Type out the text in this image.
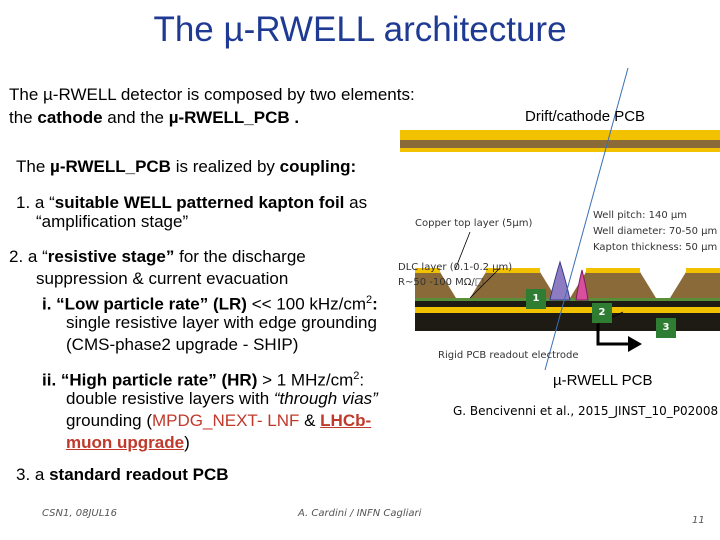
The µ-RWELL architecture
The µ-RWELL detector is composed by two elements:
the cathode and the µ-RWELL_PCB .
The µ-RWELL_PCB is realized by coupling:
1. a “suitable WELL patterned kapton foil as
“amplification stage”
2. a “resistive stage” for the discharge
suppression & current evacuation
i. “Low particle rate” (LR) << 100 kHz/$cm^2$:
single resistive layer with edge grounding
(CMS-phase2 upgrade - SHIP)
ii. “High particle rate” (HR) > 1 MHz/$cm^2$:
double resistive layers with “through vias”
grounding (MPDG_NEXT- LNF & LHCb-
muon upgrade)
3. a standard readout PCB
1
2
3
Drift/cathode PCB
Copper top layer (5µm)
Well pitch: 140 µm
Well diameter: 70-50 µm
Kapton thickness: 50 µm
DLC layer (0.1-0.2 µm)
R~50 -100 MΩ/□
Rigid PCB readout electrode
µ-RWELL PCB
G. Bencivenni et al., 2015_JINST_10_P02008
CSN1, 08JUL16	A. Cardini / INFN Cagliari
11
